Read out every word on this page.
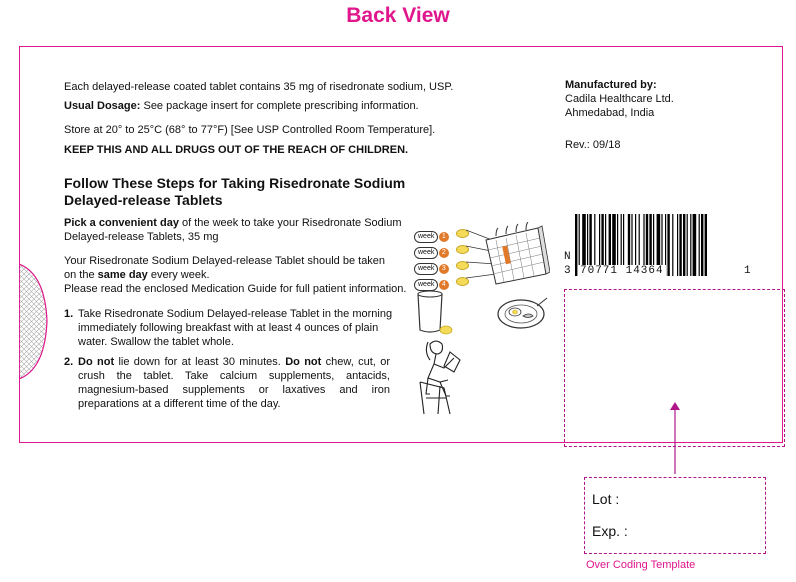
Back View
Each delayed-release coated tablet contains 35 mg of risedronate sodium, USP.
Usual Dosage: See package insert for complete prescribing information.
Store at 20° to 25°C (68° to 77°F) [See USP Controlled Room Temperature].
KEEP THIS AND ALL DRUGS OUT OF THE REACH OF CHILDREN.
Manufactured by:
Cadila Healthcare Ltd.
Ahmedabad, India
Rev.: 09/18
Follow These Steps for Taking Risedronate Sodium
Delayed-release Tablets
Pick a convenient day of the week to take your Risedronate Sodium
Delayed-release Tablets, 35 mg
Your Risedronate Sodium Delayed-release Tablet should be taken
on the same day every week.
Please read the enclosed Medication Guide for full patient information.
1. Take Risedronate Sodium Delayed-release Tablet in the morning immediately following breakfast with at least 4 ounces of plain water. Swallow the tablet whole.
2. Do not lie down for at least 30 minutes. Do not chew, cut, or crush the tablet. Take calcium supplements, antacids, magnesium-based supplements or laxatives and iron preparations at a different time of the day.
week 1
week 2
week 3
week 4
N
3 70771 14364	1
Lot :
Exp. :
Over Coding Template
